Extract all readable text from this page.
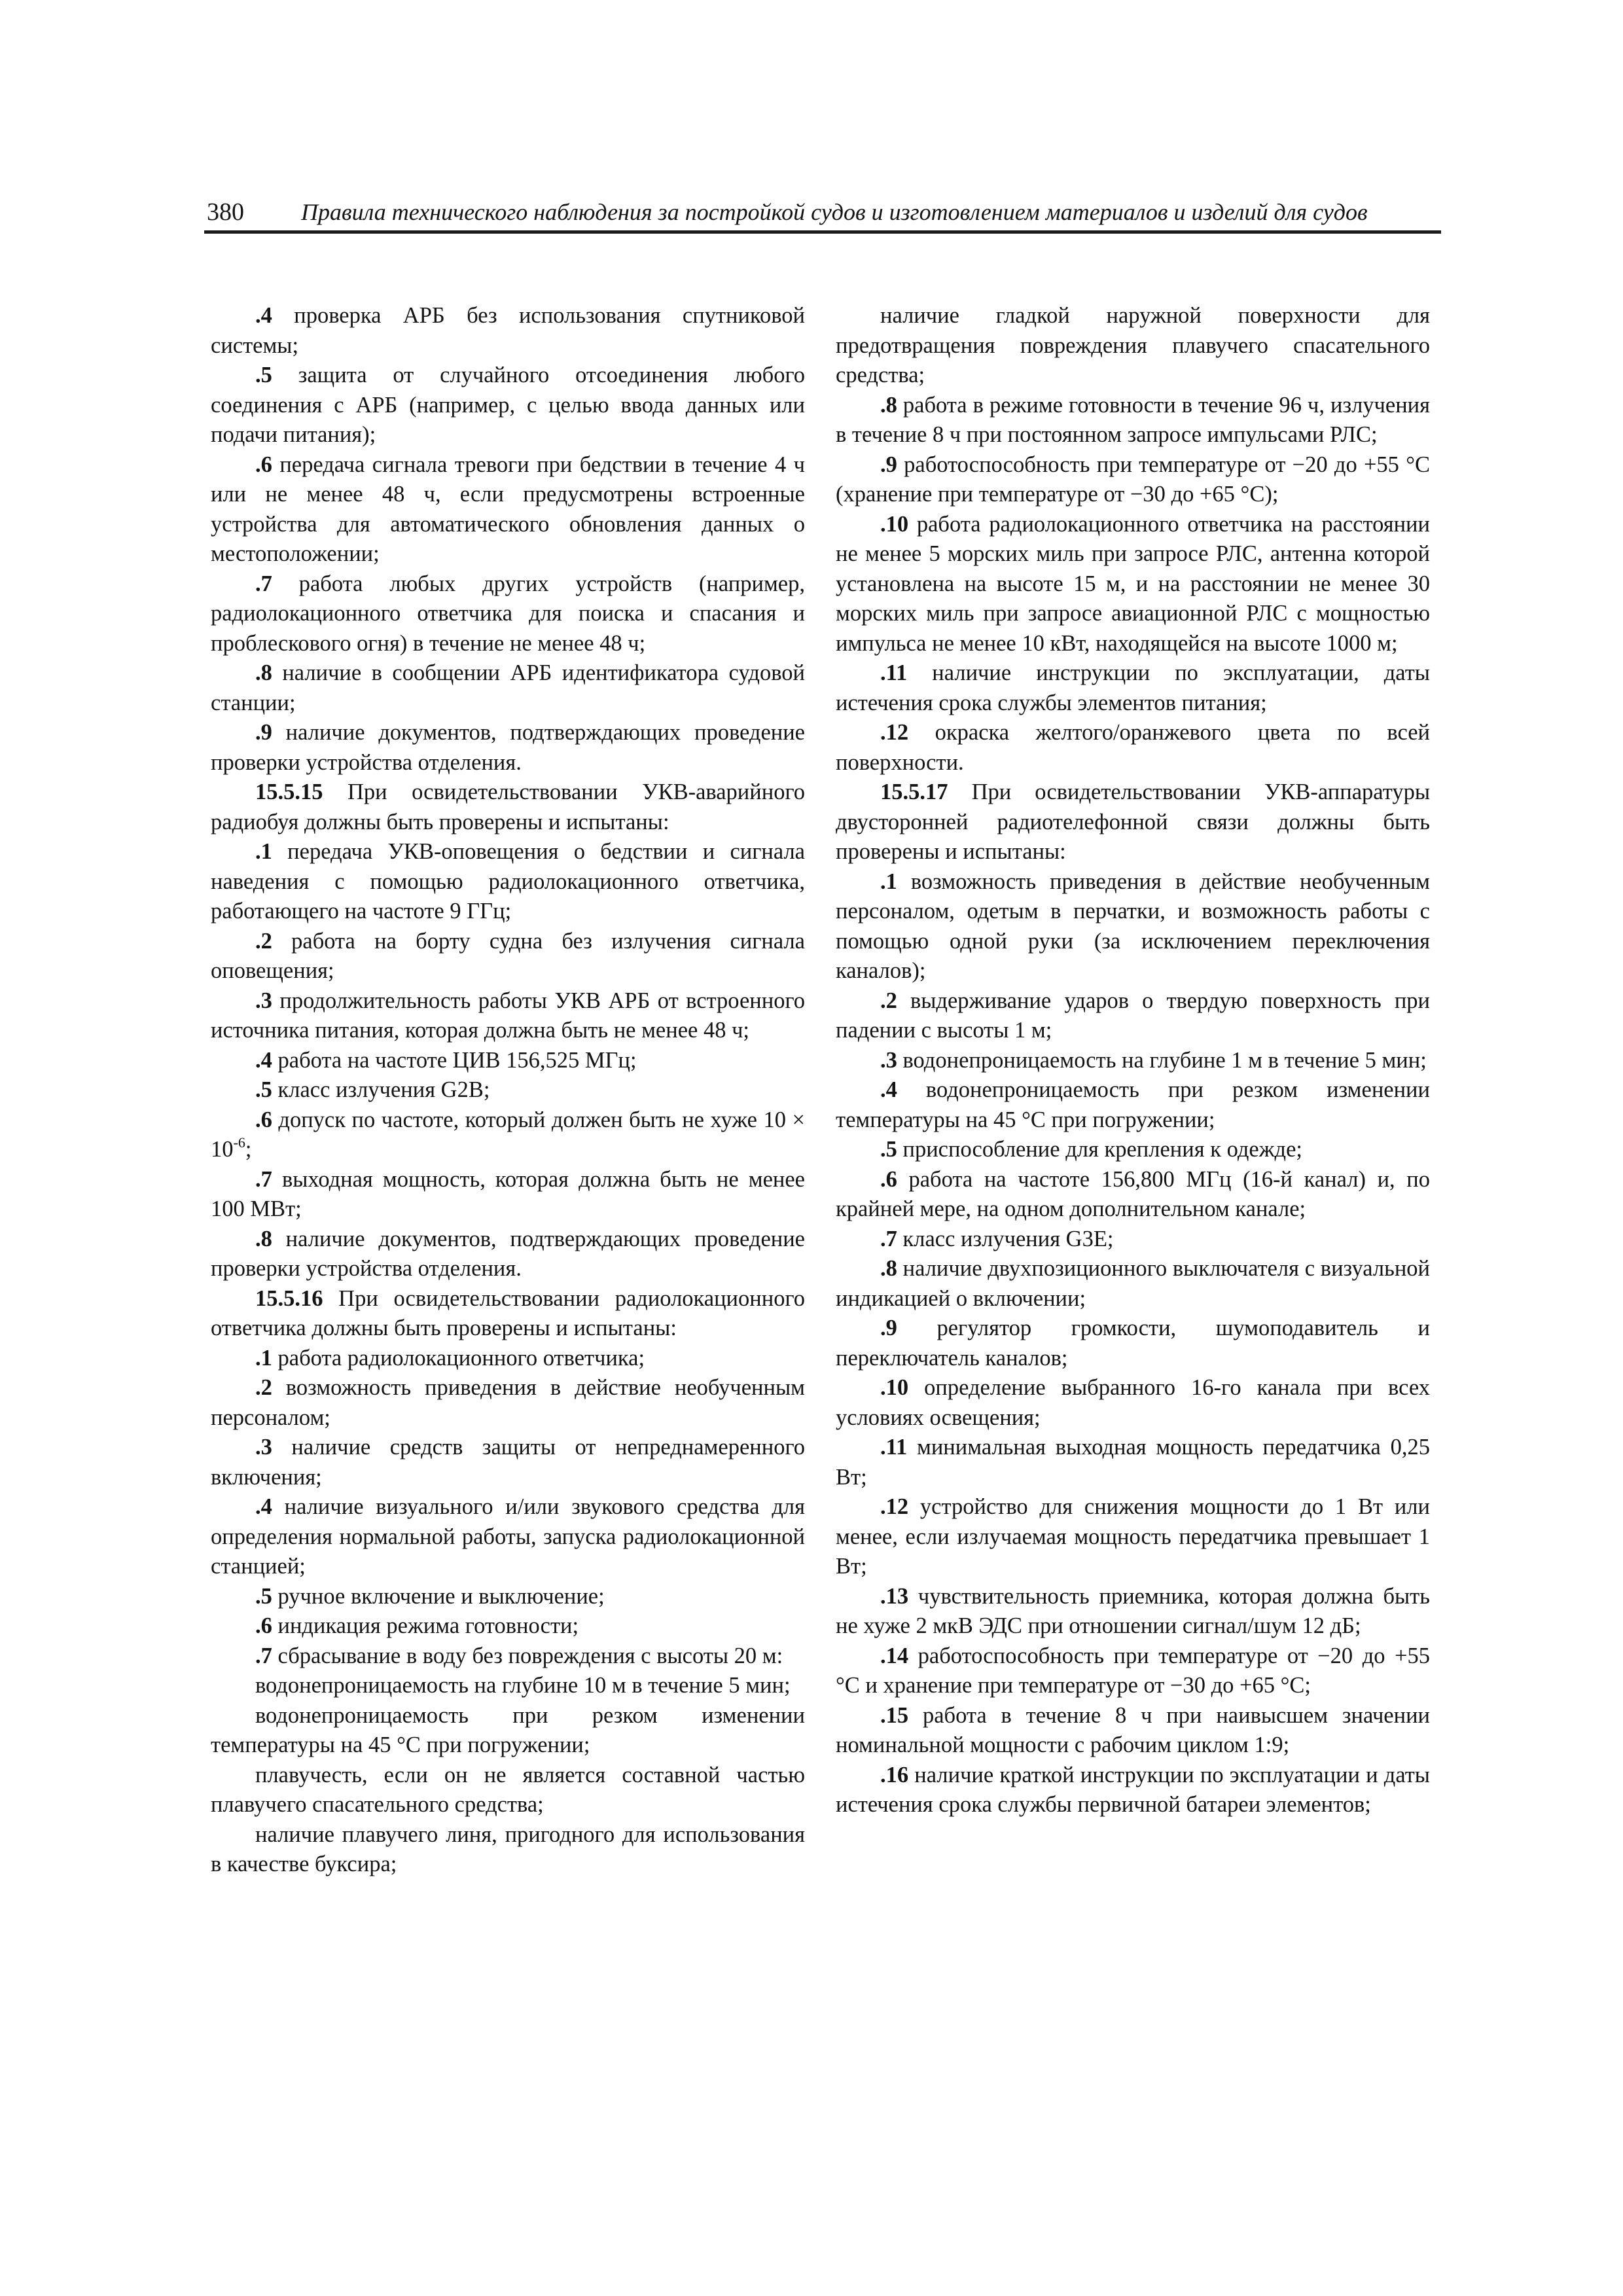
380 Правила технического наблюдения за постройкой судов и изготовлением материалов и изделий для судов

.4 проверка АРБ без использования спутниковой системы;

.5 защита от случайного отсоединения любого соединения с АРБ (например, с целью ввода данных или подачи питания);

.6 передача сигнала тревоги при бедствии в течение 4 ч или не менее 48 ч, если предусмотрены встроенные устройства для автоматического обновления данных о местоположении;

.7 работа любых других устройств (например, радиолокационного ответчика для поиска и спасания и проблескового огня) в течение не менее 48 ч;

.8 наличие в сообщении АРБ идентификатора судовой станции;

.9 наличие документов, подтверждающих проведение проверки устройства отделения.

15.5.15 При освидетельствовании УКВ-аварийного радиобуя должны быть проверены и испытаны:

.1 передача УКВ-оповещения о бедствии и сигнала наведения с помощью радиолокационного ответчика, работающего на частоте 9 ГГц;

.2 работа на борту судна без излучения сигнала оповещения;

.3 продолжительность работы УКВ АРБ от встроенного источника питания, которая должна быть не менее 48 ч;

.4 работа на частоте ЦИВ 156,525 МГц;

.5 класс излучения G2B;

.6 допуск по частоте, который должен быть не хуже $10 \times 10^{-6}$;

.7 выходная мощность, которая должна быть не менее 100 МВт;

.8 наличие документов, подтверждающих проведение проверки устройства отделения.

15.5.16 При освидетельствовании радиолокационного ответчика должны быть проверены и испытаны:

.1 работа радиолокационного ответчика;

.2 возможность приведения в действие необученным персоналом;

.3 наличие средств защиты от непреднамеренного включения;

.4 наличие визуального и/или звукового средства для определения нормальной работы, запуска радиолокационной станцией;

.5 ручное включение и выключение;

.6 индикация режима готовности;

.7 сбрасывание в воду без повреждения с высоты 20 м:

водонепроницаемость на глубине 10 м в течение 5 мин;

водонепроницаемость при резком изменении температуры на 45 °С при погружении;

плавучесть, если он не является составной частью плавучего спасательного средства;

наличие плавучего линя, пригодного для использования в качестве буксира;

наличие гладкой наружной поверхности для предотвращения повреждения плавучего спасательного средства;

.8 работа в режиме готовности в течение 96 ч, излучения в течение 8 ч при постоянном запросе импульсами РЛС;

.9 работоспособность при температуре от −20 до +55 °С (хранение при температуре от −30 до +65 °С);

.10 работа радиолокационного ответчика на расстоянии не менее 5 морских миль при запросе РЛС, антенна которой установлена на высоте 15 м, и на расстоянии не менее 30 морских миль при запросе авиационной РЛС с мощностью импульса не менее 10 кВт, находящейся на высоте 1000 м;

.11 наличие инструкции по эксплуатации, даты истечения срока службы элементов питания;

.12 окраска желтого/оранжевого цвета по всей поверхности.

15.5.17 При освидетельствовании УКВ-аппаратуры двусторонней радиотелефонной связи должны быть проверены и испытаны:

.1 возможность приведения в действие необученным персоналом, одетым в перчатки, и возможность работы с помощью одной руки (за исключением переключения каналов);

.2 выдерживание ударов о твердую поверхность при падении с высоты 1 м;

.3 водонепроницаемость на глубине 1 м в течение 5 мин;

.4 водонепроницаемость при резком изменении температуры на 45 °С при погружении;

.5 приспособление для крепления к одежде;

.6 работа на частоте 156,800 МГц (16-й канал) и, по крайней мере, на одном дополнительном канале;

.7 класс излучения G3E;

.8 наличие двухпозиционного выключателя с визуальной индикацией о включении;

.9 регулятор громкости, шумоподавитель и переключатель каналов;

.10 определение выбранного 16-го канала при всех условиях освещения;

.11 минимальная выходная мощность передатчика 0,25 Вт;

.12 устройство для снижения мощности до 1 Вт или менее, если излучаемая мощность передатчика превышает 1 Вт;

.13 чувствительность приемника, которая должна быть не хуже 2 мкВ ЭДС при отношении сигнал/шум 12 дБ;

.14 работоспособность при температуре от −20 до +55 °С и хранение при температуре от −30 до +65 °С;

.15 работа в течение 8 ч при наивысшем значении номинальной мощности с рабочим циклом 1:9;

.16 наличие краткой инструкции по эксплуатации и даты истечения срока службы первичной батареи элементов;
